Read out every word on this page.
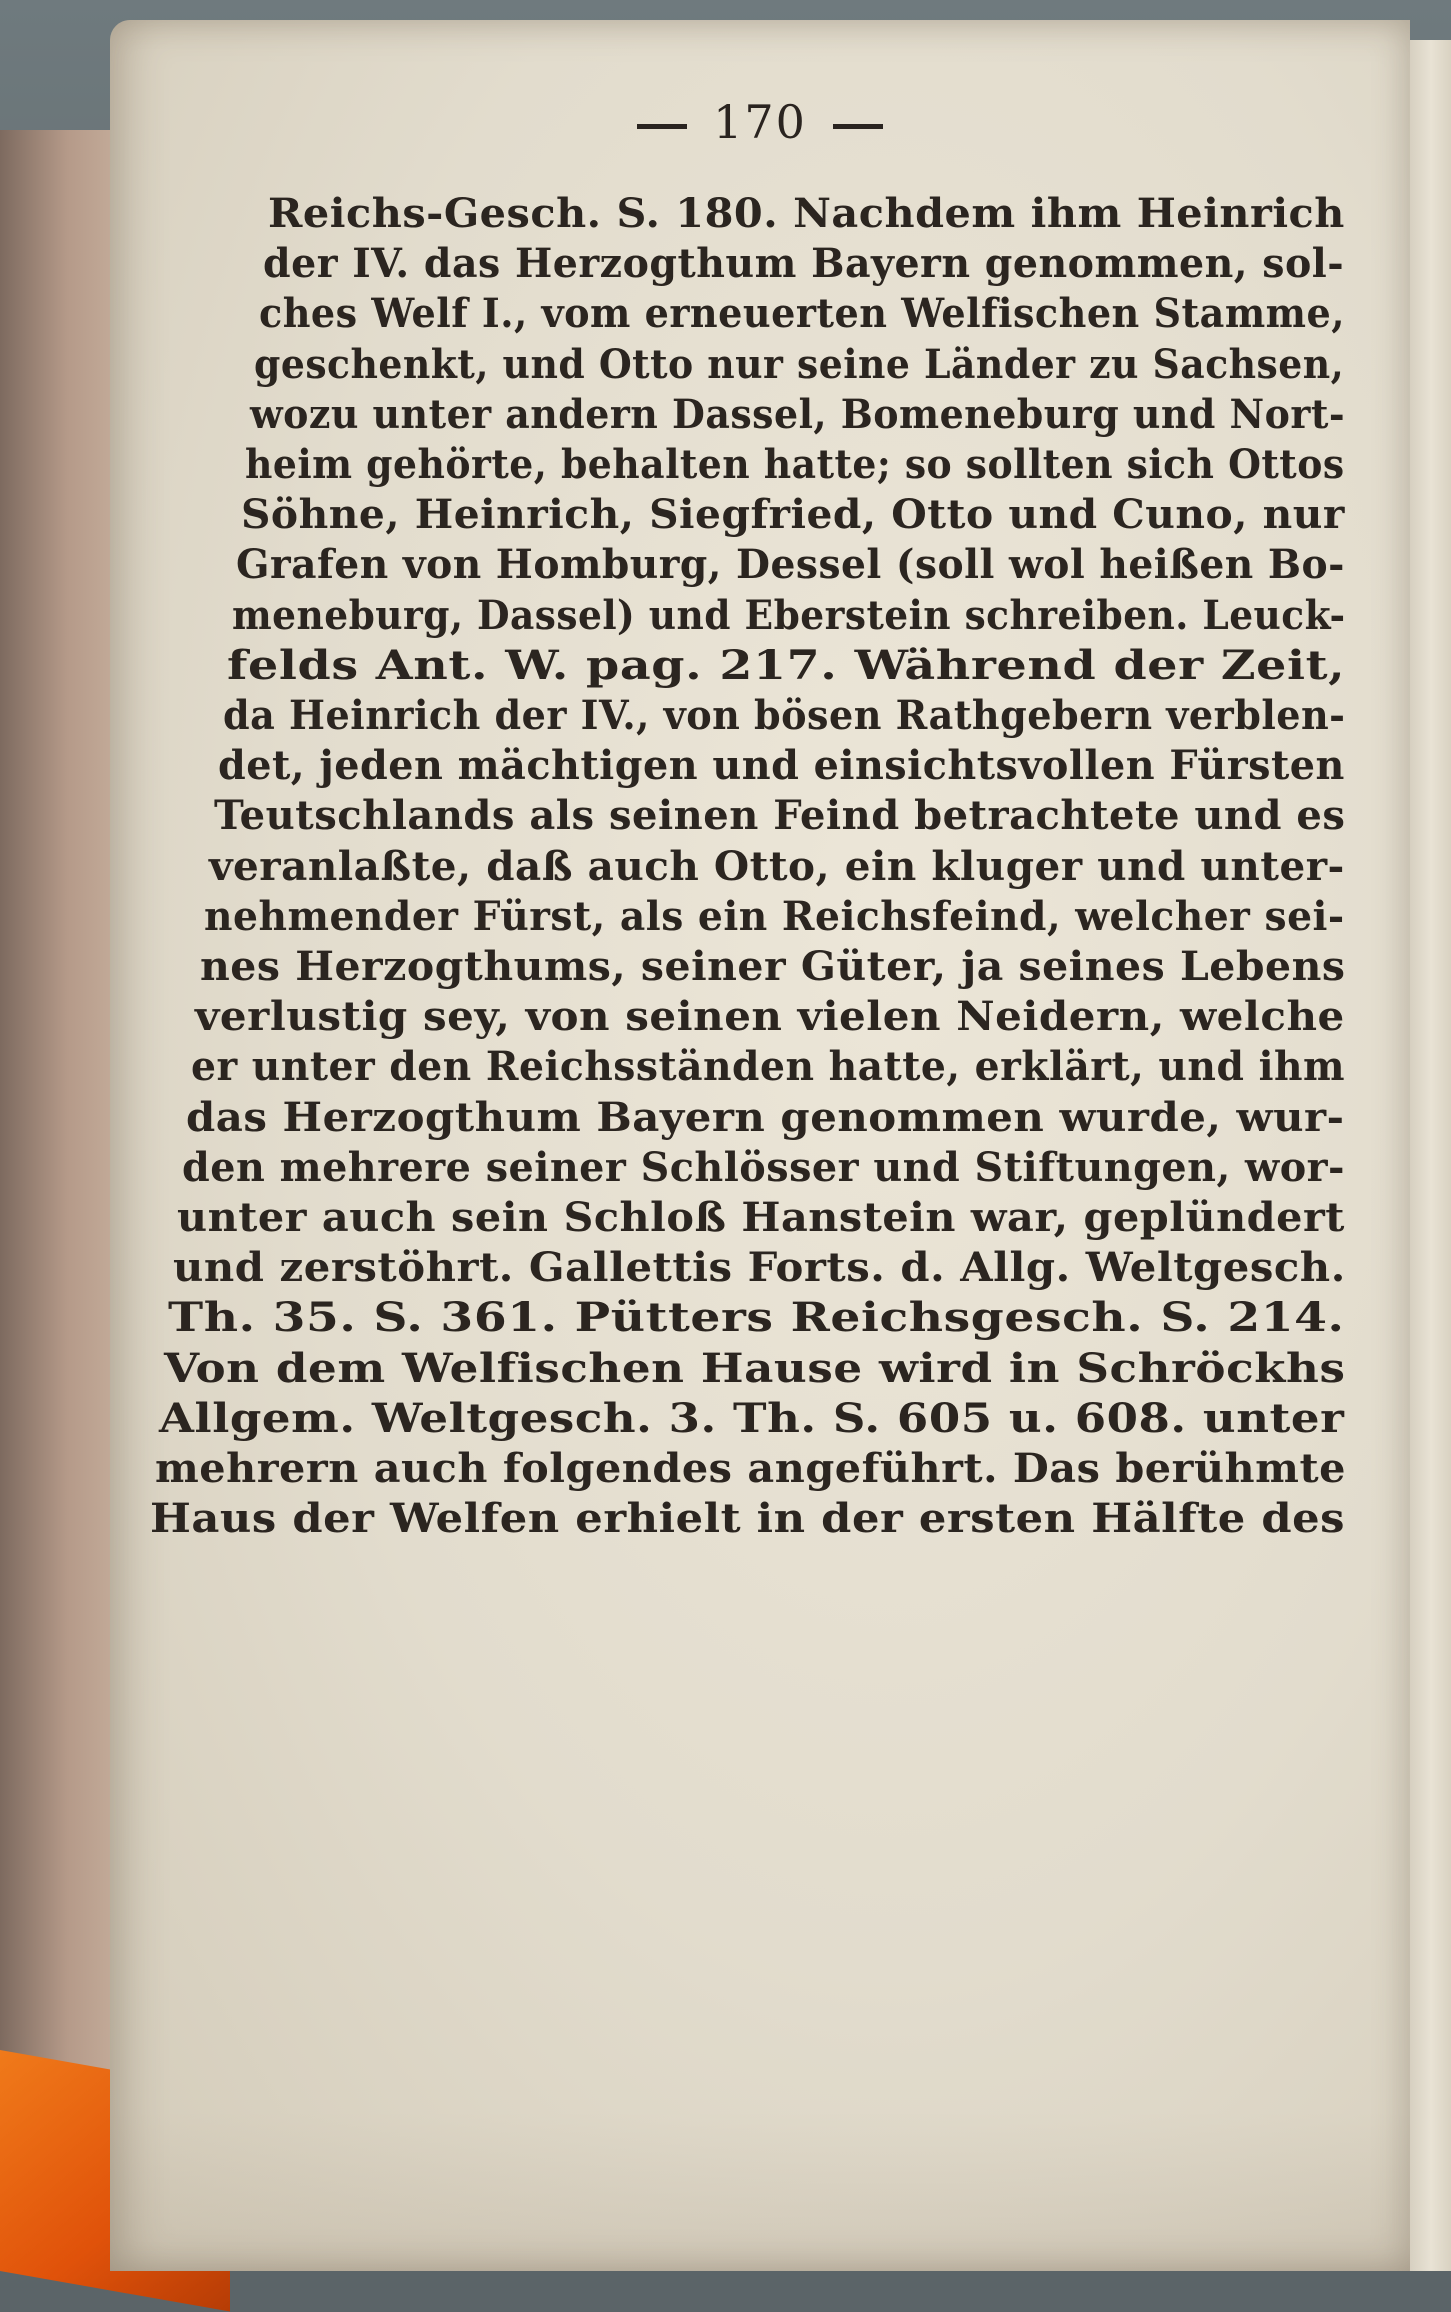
170
Reichs-Gesch. S. 180. Nachdem ihm Heinrich
der IV. das Herzogthum Bayern genommen, sol-
ches Welf I., vom erneuerten Welfischen Stamme,
geschenkt, und Otto nur seine Länder zu Sachsen,
wozu unter andern Dassel, Bomeneburg und Nort-
heim gehörte, behalten hatte; so sollten sich Ottos
Söhne, Heinrich, Siegfried, Otto und Cuno, nur
Grafen von Homburg, Dessel (soll wol heißen Bo-
meneburg, Dassel) und Eberstein schreiben. Leuck-
felds Ant. W. pag. 217. Während der Zeit,
da Heinrich der IV., von bösen Rathgebern verblen-
det, jeden mächtigen und einsichtsvollen Fürsten
Teutschlands als seinen Feind betrachtete und es
veranlaßte, daß auch Otto, ein kluger und unter-
nehmender Fürst, als ein Reichsfeind, welcher sei-
nes Herzogthums, seiner Güter, ja seines Lebens
verlustig sey, von seinen vielen Neidern, welche
er unter den Reichsständen hatte, erklärt, und ihm
das Herzogthum Bayern genommen wurde, wur-
den mehrere seiner Schlösser und Stiftungen, wor-
unter auch sein Schloß Hanstein war, geplündert
und zerstöhrt. Gallettis Forts. d. Allg. Weltgesch.
Th. 35. S. 361. Pütters Reichsgesch. S. 214.
Von dem Welfischen Hause wird in Schröckhs
Allgem. Weltgesch. 3. Th. S. 605 u. 608. unter
mehrern auch folgendes angeführt. Das berühmte
Haus der Welfen erhielt in der ersten Hälfte des
